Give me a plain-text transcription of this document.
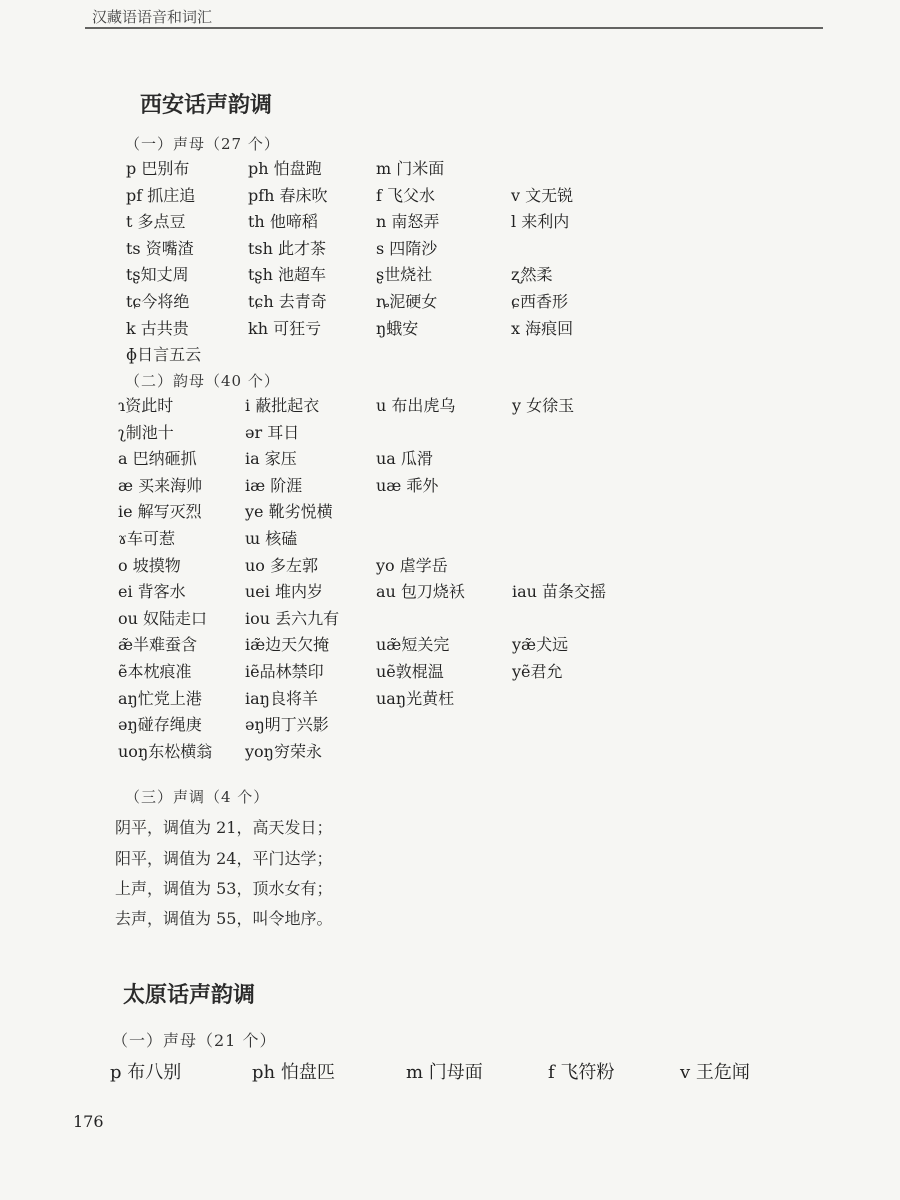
汉藏语语音和词汇
西安话声韵调
（一）声母（27 个）
p 巴别布	ph 怕盘跑	m 门米面
pf 抓庄追	pfh 春床吹	f 飞父水	v 文无锐
t 多点豆	th 他啼稻	n 南怒弄	l 来利内
ts 资嘴渣	tsh 此才茶	s 四隋沙
tʂ知丈周	tʂh 池超车	ʂ世烧社	ʐ然柔
tɕ今将绝	tɕh 去青奇	ȵ泥硬女	ɕ西香形
k 古共贵	kh 可狂亏	ŋ蛾安	x 海痕回
ɸ日言五云
（二）韵母（40 个）
ɿ资此时	i 蔽批起衣	u 布出虎乌	y 女徐玉
ʅ制池十	ər 耳日
a 巴纳砸抓	ia 家压	ua 瓜滑
æ 买来海帅	iæ 阶涯	uæ 乖外
ie 解写灭烈	ye 靴劣悦横
ɤ车可惹	ɯ 核磕
o 坡摸物	uo 多左郭	yo 虐学岳
ei 背客水	uei 堆内岁	au 包刀烧袄	iau 苗条交摇
ou 奴陆走口	iou 丢六九有
æ̃半难蚕含	iæ̃边天欠掩	uæ̃短关完	yæ̃犬远
ẽ本枕痕准	iẽ品林禁印	uẽ敦棍温	yẽ君允
aŋ忙党上港	iaŋ良将羊	uaŋ光黄枉
əŋ碰存绳庚	əŋ明丁兴影
uoŋ东松横翁	yoŋ穷荣永
（三）声调（4 个）
阴平，调值为 21，高天发日；
阳平，调值为 24，平门达学；
上声，调值为 53，顶水女有；
去声，调值为 55，叫令地序。
太原话声韵调
（一）声母（21 个）
p 布八别	ph 怕盘匹	m 门母面	f 飞符粉	v 王危闻
176
